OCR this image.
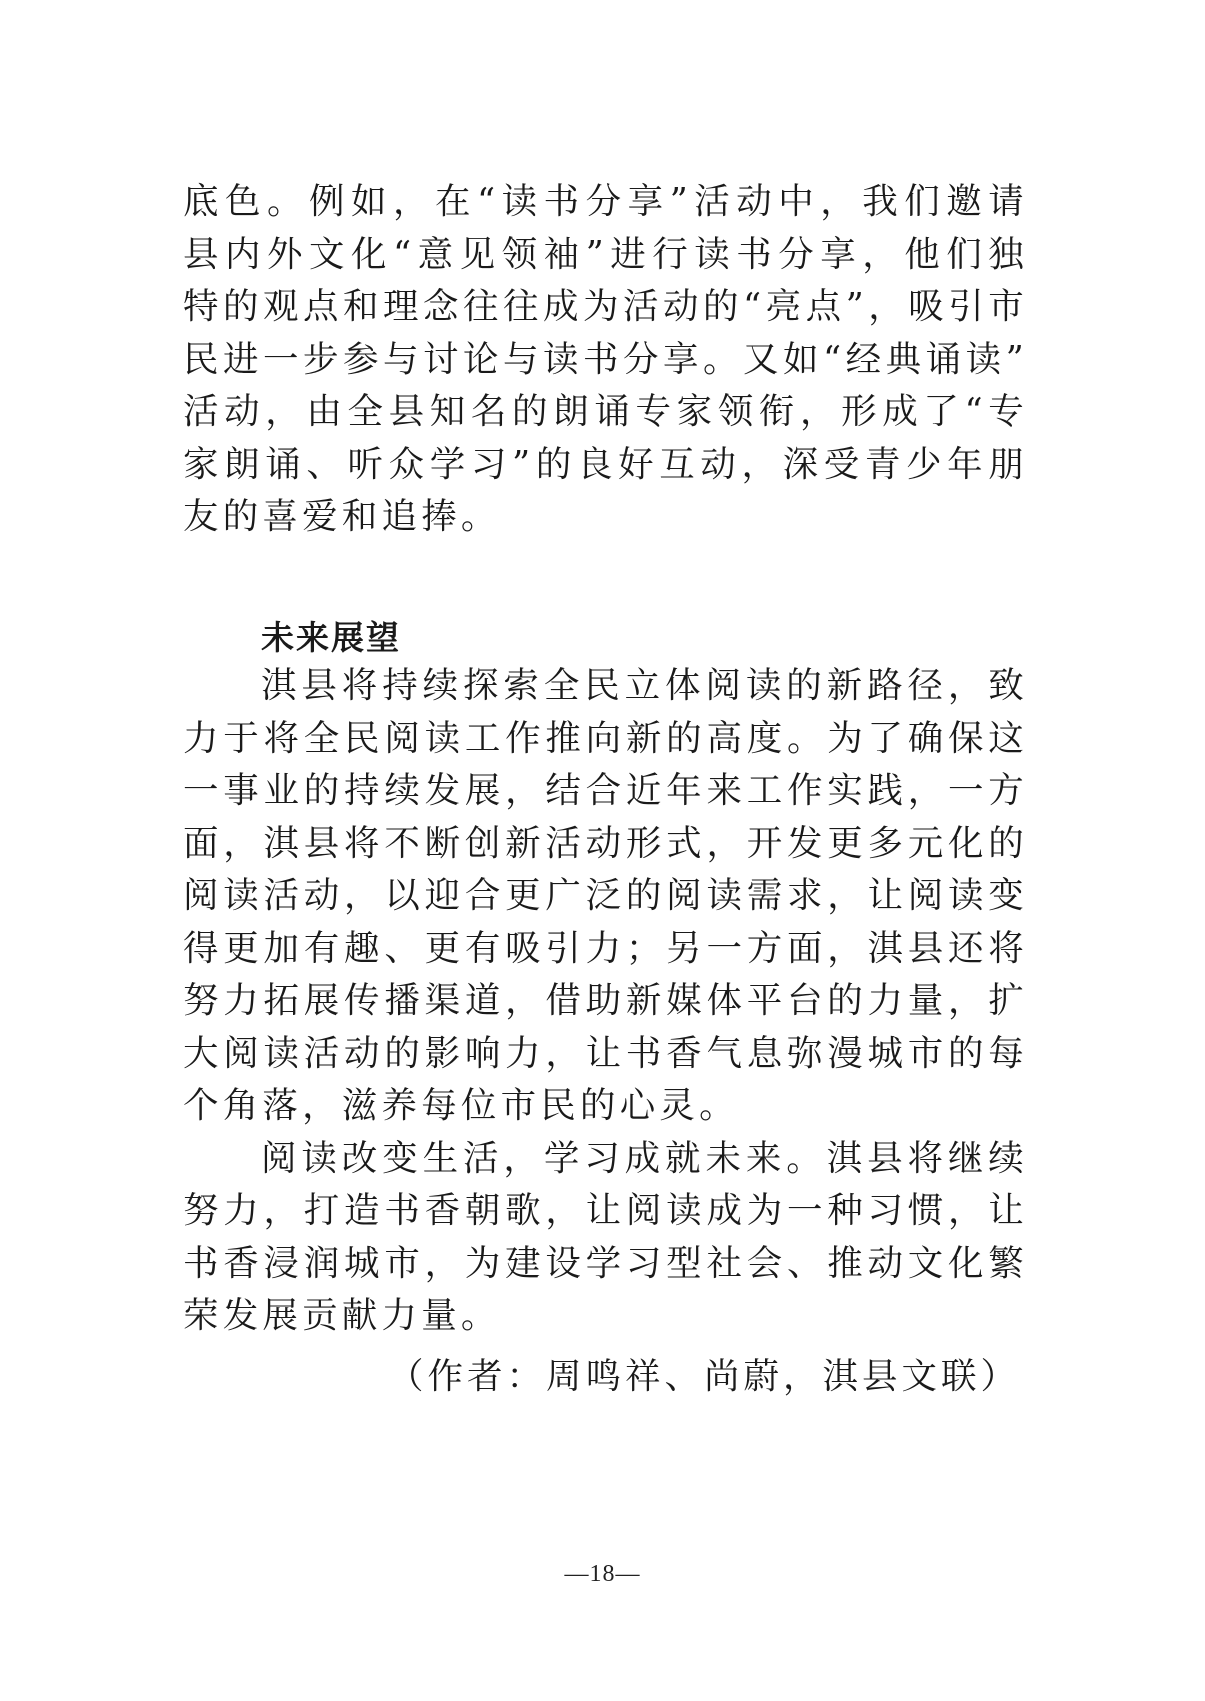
底色。例如，在“读书分享”活动中，我们邀请
县内外文化“意见领袖”进行读书分享，他们独
特的观点和理念往往成为活动的“亮点”，吸引市
民进一步参与讨论与读书分享。又如“经典诵读”
活动，由全县知名的朗诵专家领衔，形成了“专
家朗诵、听众学习”的良好互动，深受青少年朋
友的喜爱和追捧。
未来展望
淇县将持续探索全民立体阅读的新路径，致
力于将全民阅读工作推向新的高度。为了确保这
一事业的持续发展，结合近年来工作实践，一方
面，淇县将不断创新活动形式，开发更多元化的
阅读活动，以迎合更广泛的阅读需求，让阅读变
得更加有趣、更有吸引力；另一方面，淇县还将
努力拓展传播渠道，借助新媒体平台的力量，扩
大阅读活动的影响力，让书香气息弥漫城市的每
个角落，滋养每位市民的心灵。
阅读改变生活，学习成就未来。淇县将继续
努力，打造书香朝歌，让阅读成为一种习惯，让
书香浸润城市，为建设学习型社会、推动文化繁
荣发展贡献力量。

（作者：周鸣祥、尚蔚，淇县文联）

—18—
